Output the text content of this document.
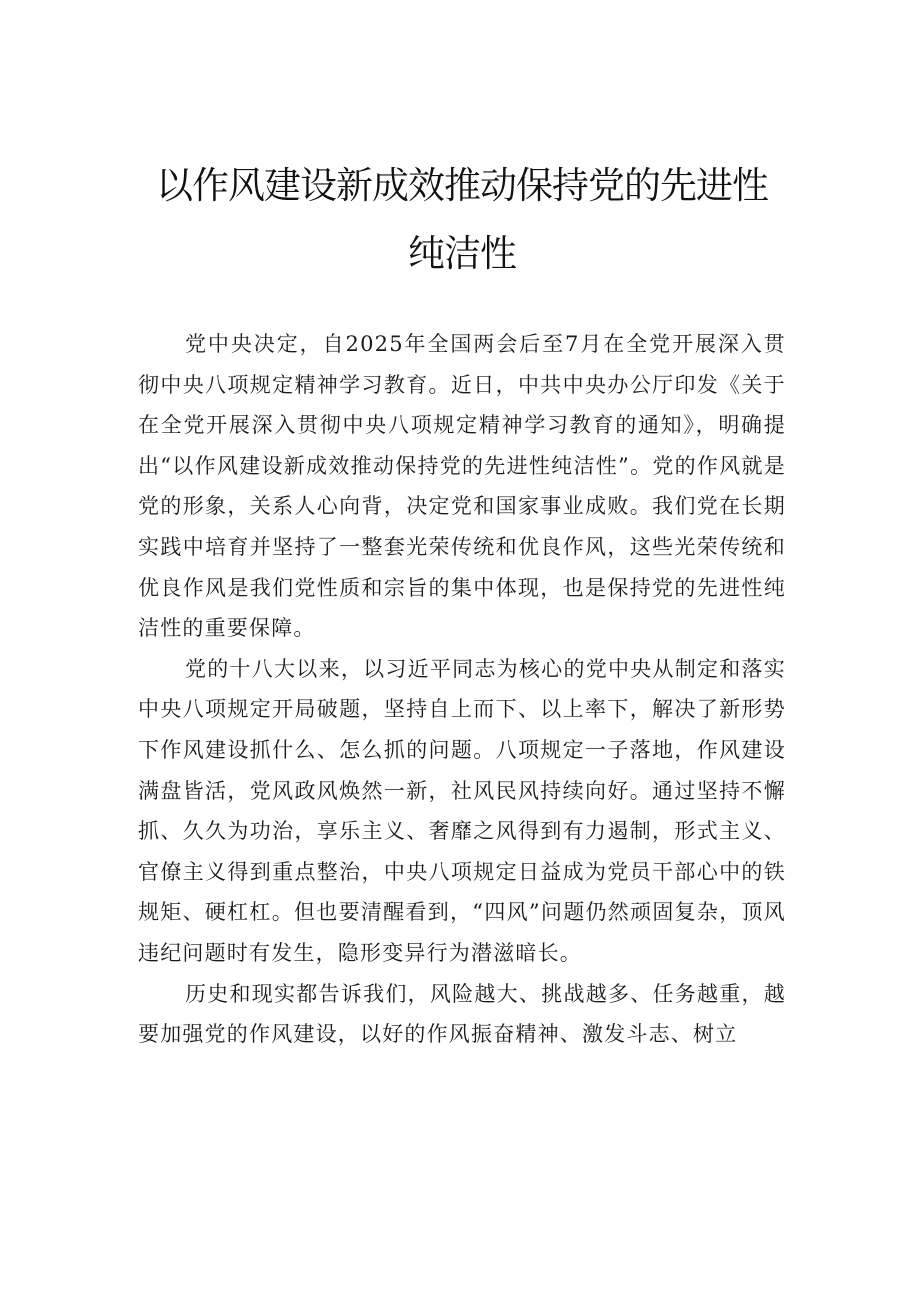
以作风建设新成效推动保持党的先进性纯洁性

党中央决定，自2025年全国两会后至7月在全党开展深入贯彻中央八项规定精神学习教育。近日，中共中央办公厅印发《关于在全党开展深入贯彻中央八项规定精神学习教育的通知》，明确提出“以作风建设新成效推动保持党的先进性纯洁性”。党的作风就是党的形象，关系人心向背，决定党和国家事业成败。我们党在长期实践中培育并坚持了一整套光荣传统和优良作风，这些光荣传统和优良作风是我们党性质和宗旨的集中体现，也是保持党的先进性纯洁性的重要保障。

党的十八大以来，以习近平同志为核心的党中央从制定和落实中央八项规定开局破题，坚持自上而下、以上率下，解决了新形势下作风建设抓什么、怎么抓的问题。八项规定一子落地，作风建设满盘皆活，党风政风焕然一新，社风民风持续向好。通过坚持不懈抓、久久为功治，享乐主义、奢靡之风得到有力遏制，形式主义、官僚主义得到重点整治，中央八项规定日益成为党员干部心中的铁规矩、硬杠杠。但也要清醒看到，“四风”问题仍然顽固复杂，顶风违纪问题时有发生，隐形变异行为潜滋暗长。

历史和现实都告诉我们，风险越大、挑战越多、任务越重，越要加强党的作风建设，以好的作风振奋精神、激发斗志、树立
